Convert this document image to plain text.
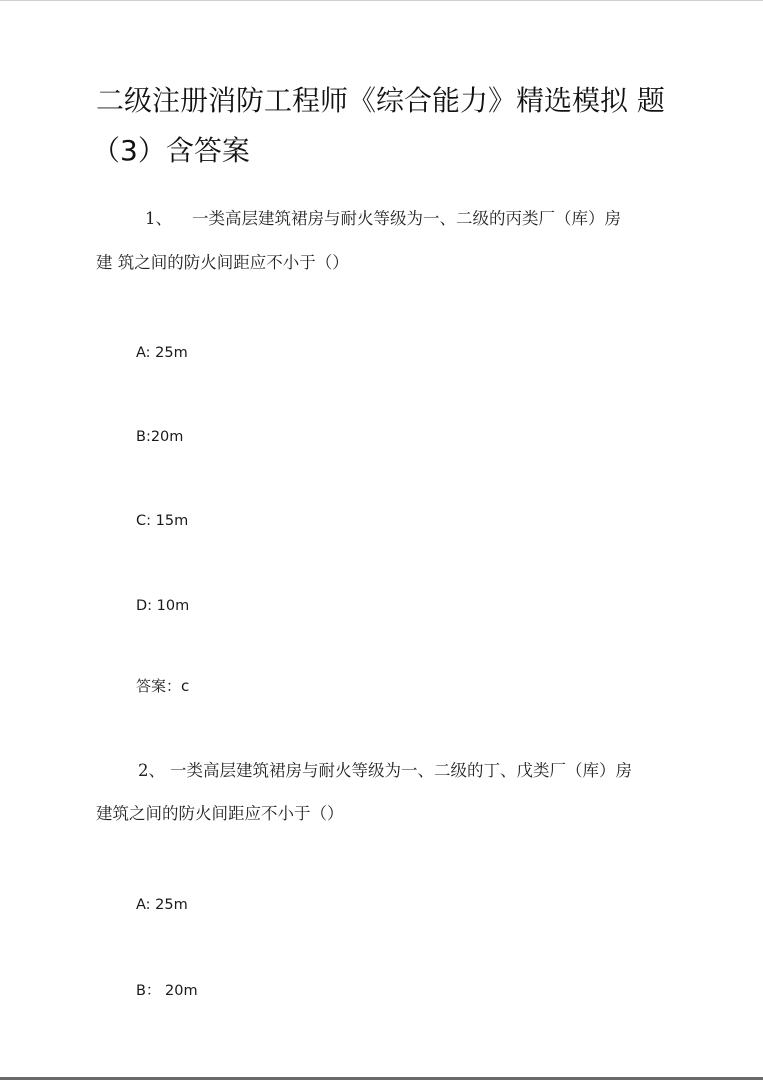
二级注册消防工程师《综合能力》精选模拟 题
（3）含答案
1、 一类高层建筑裙房与耐火等级为一、二级的丙类厂（库）房
建 筑之间的防火间距应不小于（）
A: 25m
B:20m
C: 15m
D: 10m
答案：c
2、 一类高层建筑裙房与耐火等级为一、二级的丁、戊类厂（库）房
建筑之间的防火间距应不小于（）
A: 25m
B： 20m
